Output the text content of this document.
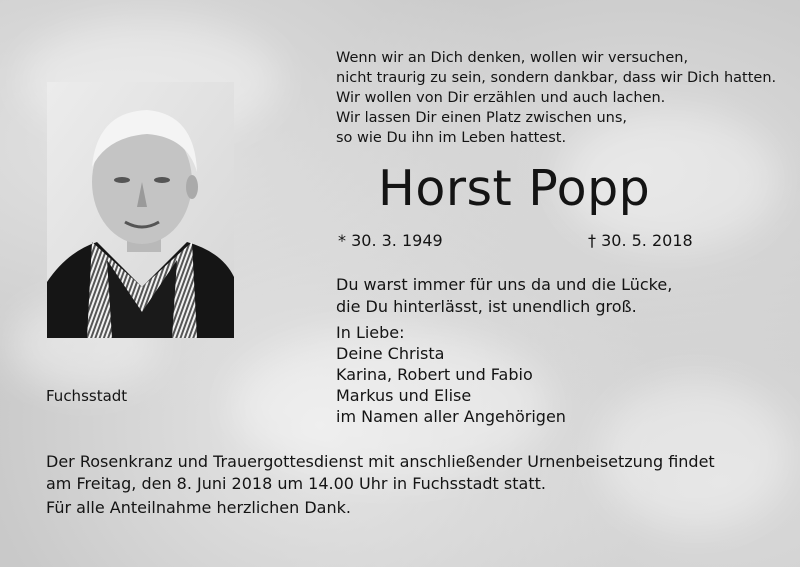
Wenn wir an Dich denken, wollen wir versuchen,
nicht traurig zu sein, sondern dankbar, dass wir Dich hatten.
Wir wollen von Dir erzählen und auch lachen.
Wir lassen Dir einen Platz zwischen uns,
so wie Du ihn im Leben hattest.

Horst Popp
* 30. 3. 1949	† 30. 5. 2018

Du warst immer für uns da und die Lücke,
die Du hinterlässt, ist unendlich groß.

In Liebe:
Deine Christa
Karina, Robert und Fabio
Markus und Elise
im Namen aller Angehörigen

Fuchsstadt

Der Rosenkranz und Trauergottesdienst mit anschließender Urnenbeisetzung findet
am Freitag, den 8. Juni 2018 um 14.00 Uhr in Fuchsstadt statt.

Für alle Anteilnahme herzlichen Dank.
